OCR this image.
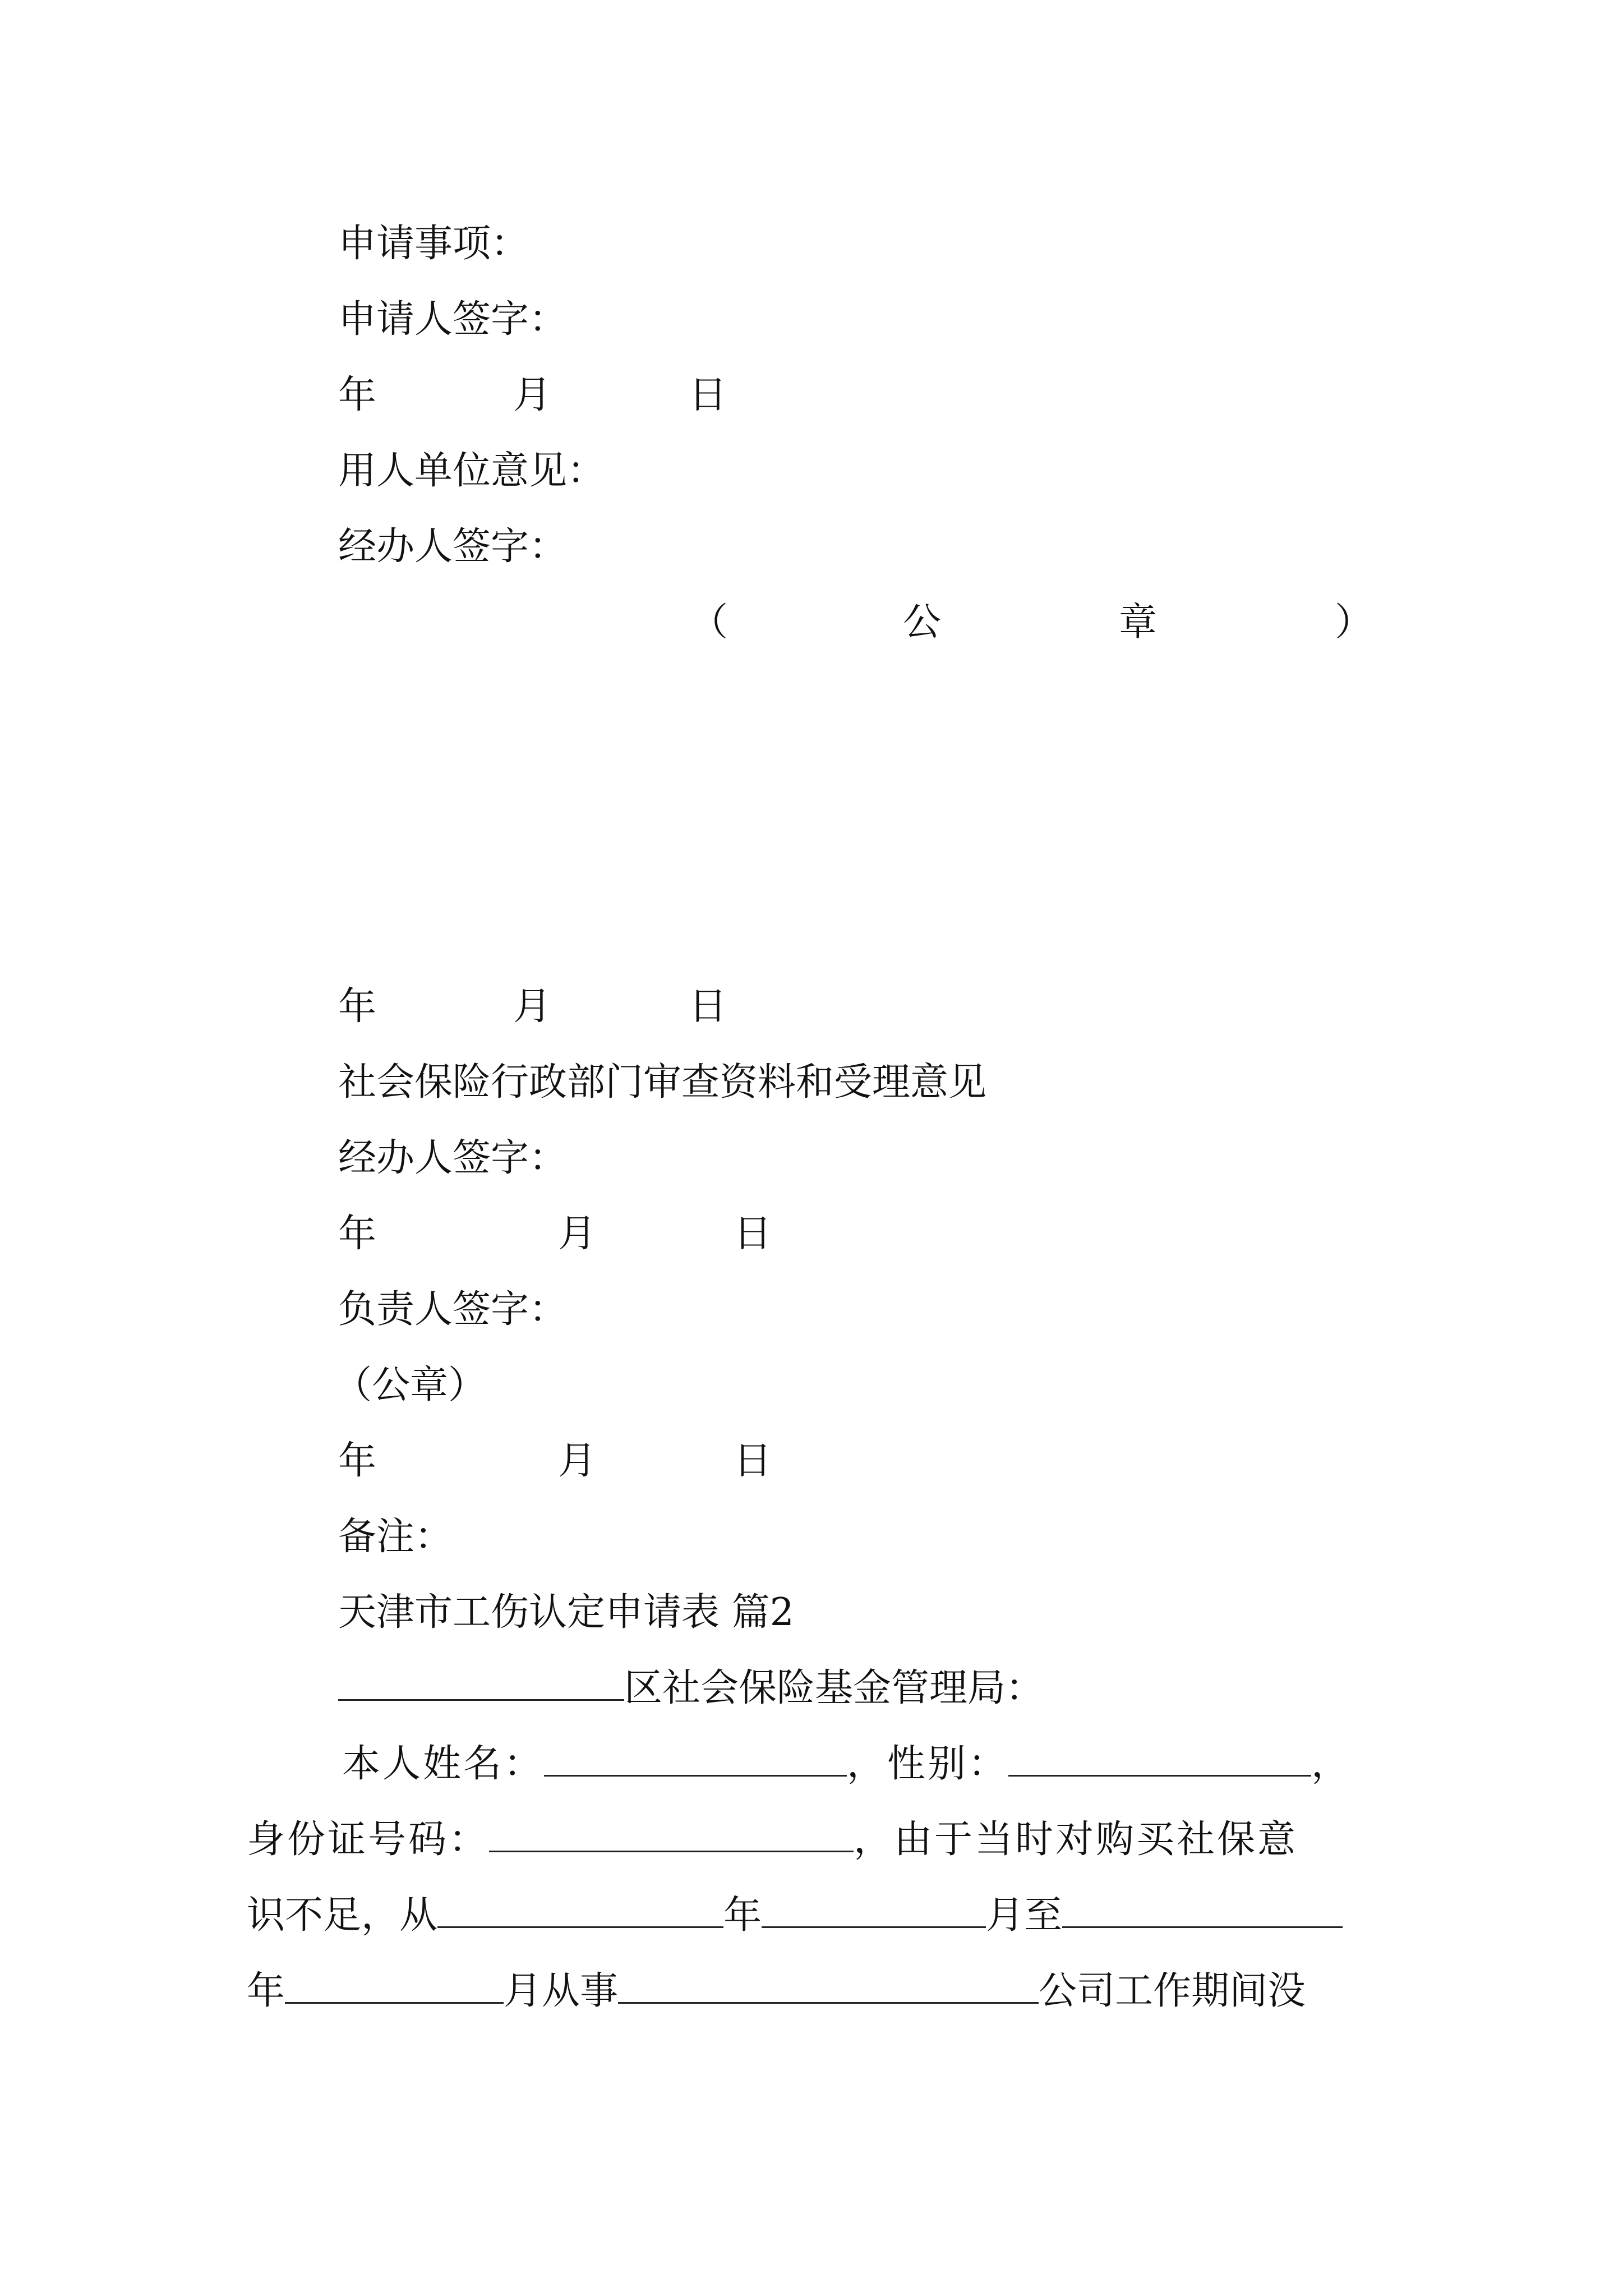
申请事项：
申请人签字：
年	月	日
用人单位意见：
经办人签字：
（	公	章	）
年	月	日
社会保险行政部门审查资料和受理意见
经办人签字：
年	月	日
负责人签字：
（公章）
年	月	日
备注：
天津市工伤认定申请表 篇2
区社会保险基金管理局：
本人姓名：	，性别：	，
身份证号码：	，由于当时对购买社保意
识不足，从	年	月至
年	月从事	公司工作期间没
